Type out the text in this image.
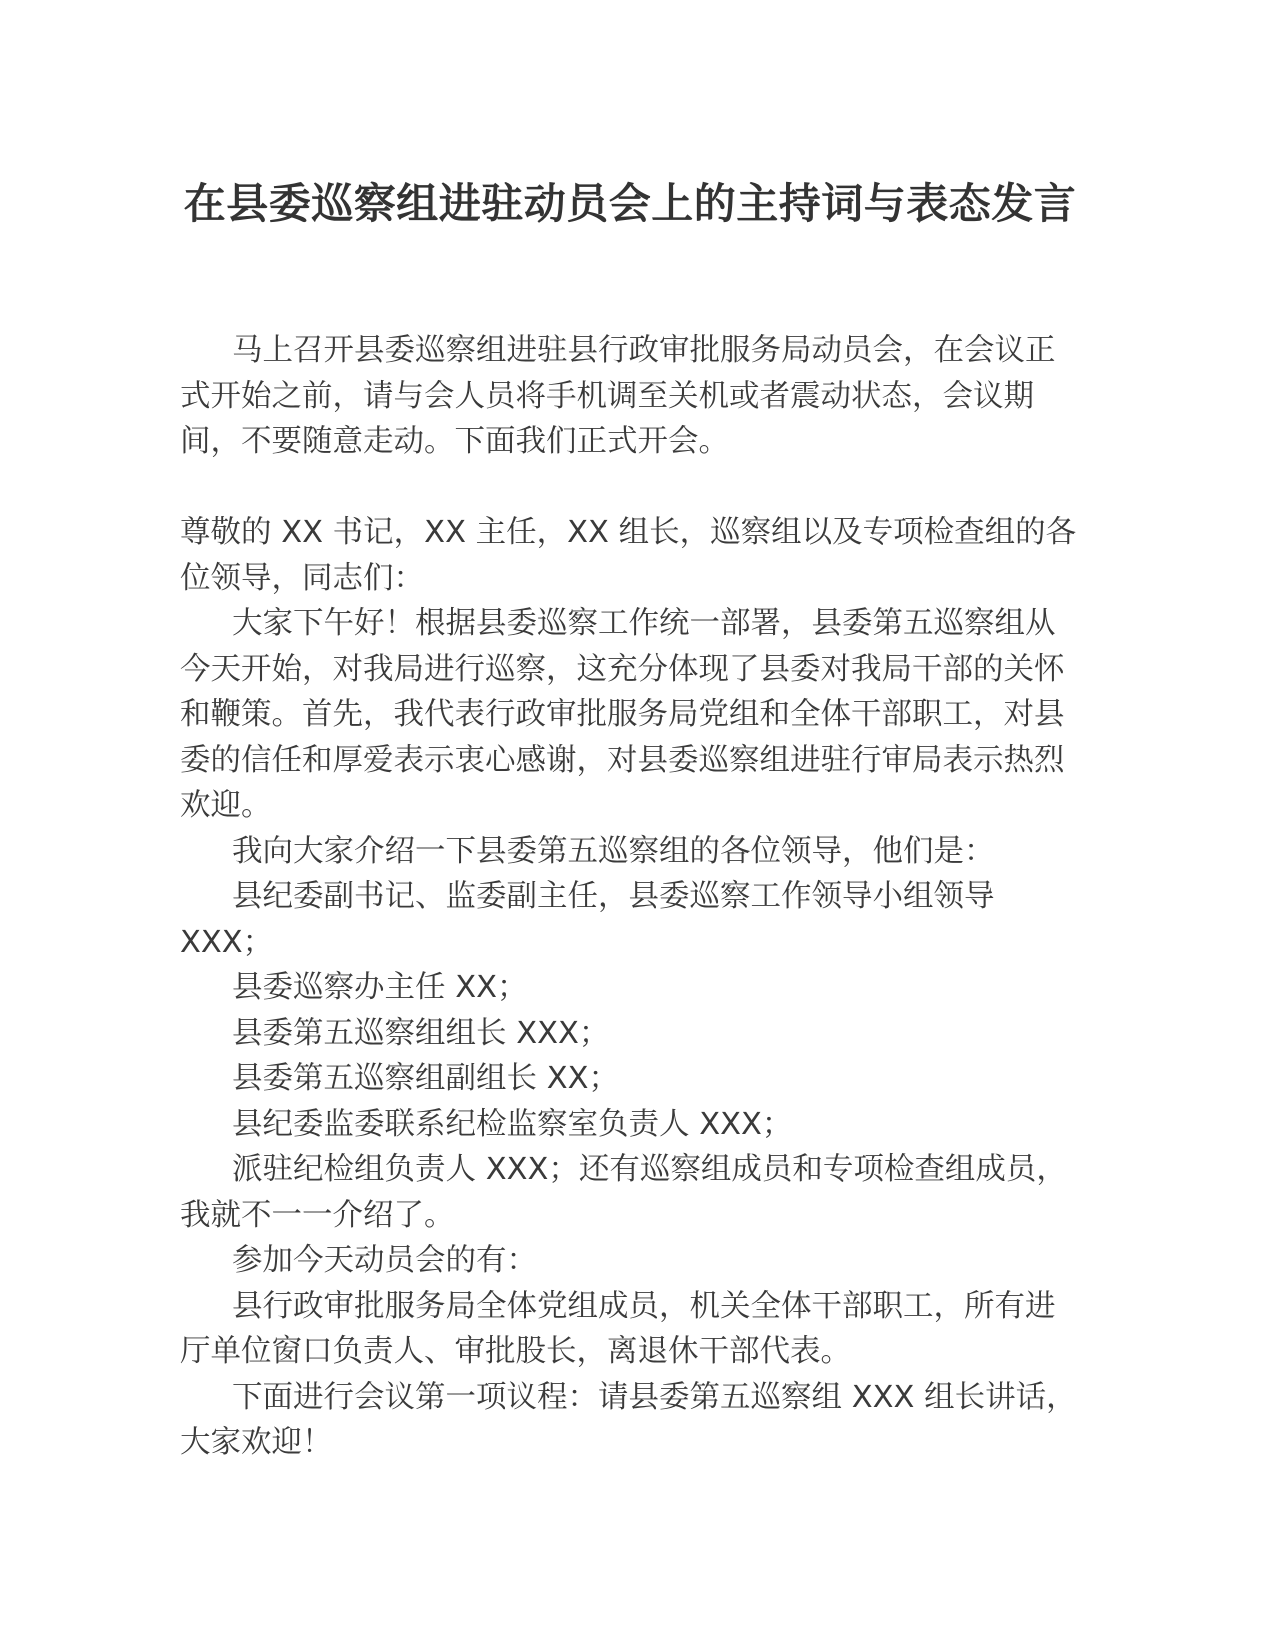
在县委巡察组进驻动员会上的主持词与表态发言

马上召开县委巡察组进驻县行政审批服务局动员会，在会议正式开始之前，请与会人员将手机调至关机或者震动状态，会议期间，不要随意走动。下面我们正式开会。

尊敬的 XX 书记，XX 主任，XX 组长，巡察组以及专项检查组的各位领导，同志们：

大家下午好！根据县委巡察工作统一部署，县委第五巡察组从今天开始，对我局进行巡察，这充分体现了县委对我局干部的关怀和鞭策。首先，我代表行政审批服务局党组和全体干部职工，对县委的信任和厚爱表示衷心感谢，对县委巡察组进驻行审局表示热烈欢迎。

我向大家介绍一下县委第五巡察组的各位领导，他们是：

县纪委副书记、监委副主任，县委巡察工作领导小组领导 XXX；

县委巡察办主任 XX；

县委第五巡察组组长 XXX；

县委第五巡察组副组长 XX；

县纪委监委联系纪检监察室负责人 XXX；

派驻纪检组负责人 XXX；还有巡察组成员和专项检查组成员，我就不一一介绍了。

参加今天动员会的有：

县行政审批服务局全体党组成员，机关全体干部职工，所有进厅单位窗口负责人、审批股长，离退休干部代表。

下面进行会议第一项议程：请县委第五巡察组 XXX 组长讲话，大家欢迎！
